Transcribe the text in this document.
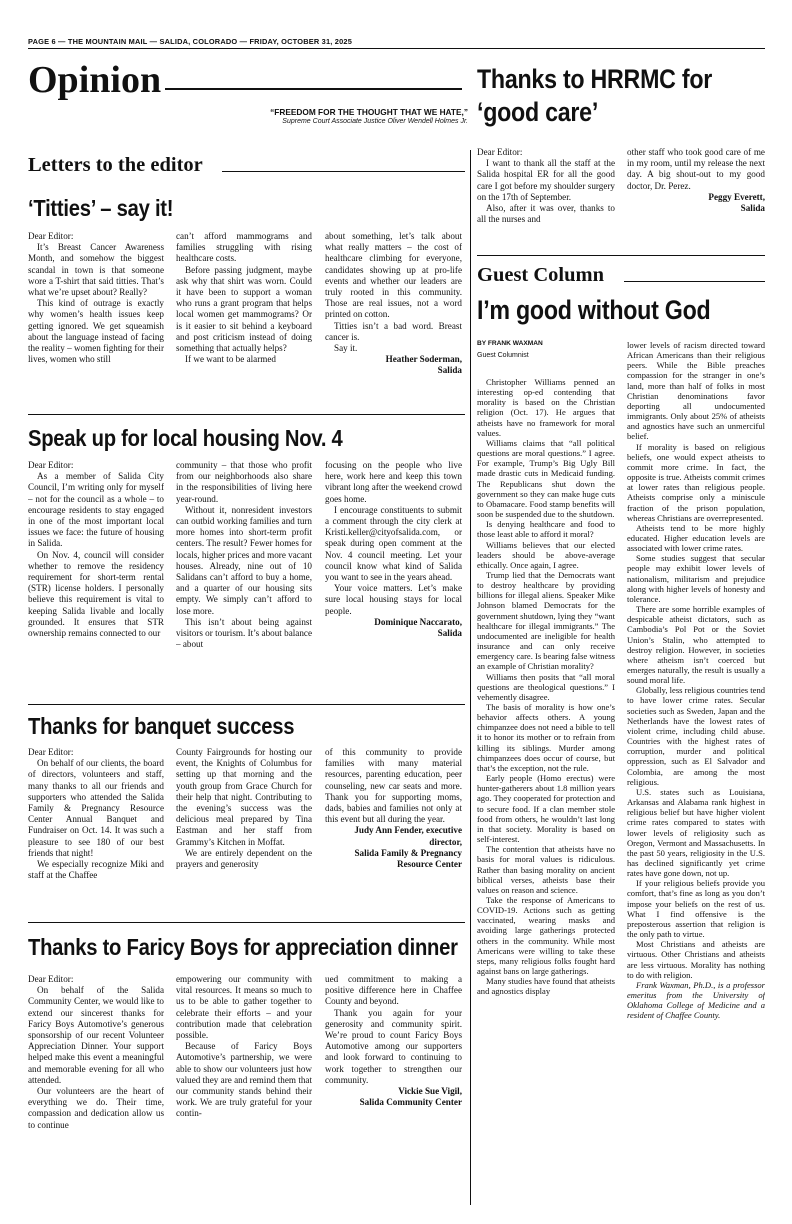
PAGE 6 — THE MOUNTAIN MAIL — SALIDA, COLORADO — FRIDAY, OCTOBER 31, 2025
Opinion
“FREEDOM FOR THE THOUGHT THAT WE HATE,”
Supreme Court Associate Justice Oliver Wendell Holmes Jr.
Letters to the editor
‘Titties’ – say it!

Dear Editor:

It’s Breast Cancer Awareness Month, and somehow the biggest scandal in town is that someone wore a T-shirt that said titties. That’s what we’re upset about? Really?

This kind of outrage is exactly why women’s health issues keep getting ignored. We get squeamish about the language instead of facing the reality – women fighting for their lives, women who still

can’t afford mammograms and families struggling with rising healthcare costs.

Before passing judgment, maybe ask why that shirt was worn. Could it have been to support a woman who runs a grant program that helps local women get mammograms? Or is it easier to sit behind a keyboard and post criticism instead of doing something that actually helps?

If we want to be alarmed

about something, let’s talk about what really matters – the cost of healthcare climbing for everyone, candidates showing up at pro-life events and whether our leaders are truly rooted in this community. Those are real issues, not a word printed on cotton.

Titties isn’t a bad word. Breast cancer is.

Say it.

Heather Soderman,

Salida

Speak up for local housing Nov. 4

Dear Editor:

As a member of Salida City Council, I’m writing only for myself – not for the council as a whole – to encourage residents to stay engaged in one of the most important local issues we face: the future of housing in Salida.

On Nov. 4, council will consider whether to remove the residency requirement for short-term rental (STR) license holders. I personally believe this requirement is vital to keeping Salida livable and locally grounded. It ensures that STR ownership remains connected to our

community – that those who profit from our neighborhoods also share in the responsibilities of living here year-round.

Without it, nonresident investors can outbid working families and turn more homes into short-term profit centers. The result? Fewer homes for locals, higher prices and more vacant houses. Already, nine out of 10 Salidans can’t afford to buy a home, and a quarter of our housing sits empty. We simply can’t afford to lose more.

This isn’t about being against visitors or tourism. It’s about balance – about

focusing on the people who live here, work here and keep this town vibrant long after the weekend crowd goes home.

I encourage constituents to submit a comment through the city clerk at Kristi.keller@cityofsalida.com, or speak during open comment at the Nov. 4 council meeting. Let your council know what kind of Salida you want to see in the years ahead.

Your voice matters. Let’s make sure local housing stays for local people.

Dominique Naccarato,

Salida

Thanks for banquet success

Dear Editor:

On behalf of our clients, the board of directors, volunteers and staff, many thanks to all our friends and supporters who attended the Salida Family & Pregnancy Resource Center Annual Banquet and Fundraiser on Oct. 14. It was such a pleasure to see 180 of our best friends that night!

We especially recognize Miki and staff at the Chaffee

County Fairgrounds for hosting our event, the Knights of Columbus for setting up that morning and the youth group from Grace Church for their help that night. Contributing to the evening’s success was the delicious meal prepared by Tina Eastman and her staff from Grammy’s Kitchen in Moffat.

We are entirely dependent on the prayers and generosity

of this community to provide families with many material resources, parenting education, peer counseling, new car seats and more. Thank you for supporting moms, dads, babies and families not only at this event but all during the year.

Judy Ann Fender, executive

director,

Salida Family & Pregnancy

Resource Center

Thanks to Faricy Boys for appreciation dinner

Dear Editor:

On behalf of the Salida Community Center, we would like to extend our sincerest thanks for Faricy Boys Automotive’s generous sponsorship of our recent Volunteer Appreciation Dinner. Your support helped make this event a meaningful and memorable evening for all who attended.

Our volunteers are the heart of everything we do. Their time, compassion and dedication allow us to continue

empowering our community with vital resources. It means so much to us to be able to gather together to celebrate their efforts – and your contribution made that celebration possible.

Because of Faricy Boys Automotive’s partnership, we were able to show our volunteers just how valued they are and remind them that our community stands behind their work. We are truly grateful for your contin-

ued commitment to making a positive difference here in Chaffee County and beyond.

Thank you again for your generosity and community spirit. We’re proud to count Faricy Boys Automotive among our supporters and look forward to continuing to work together to strengthen our community.

Vickie Sue Vigil,

Salida Community Center

Thanks to HRRMC for
‘good care’

Dear Editor:

I want to thank all the staff at the Salida hospital ER for all the good care I got before my shoulder surgery on the 17th of September.

Also, after it was over, thanks to all the nurses and

other staff who took good care of me in my room, until my release the next day. A big shout-out to my good doctor, Dr. Perez.

Peggy Everett,

Salida

Guest Column
I’m good without God
BY FRANK WAXMAN
Guest Columnist

Christopher Williams penned an interesting op-ed contending that morality is based on the Christian religion (Oct. 17). He argues that atheists have no framework for moral values.

Williams claims that “all political questions are moral questions.” I agree. For example, Trump’s Big Ugly Bill made drastic cuts in Medicaid funding. The Republicans shut down the government so they can make huge cuts to Obamacare. Food stamp benefits will soon be suspended due to the shutdown.

Is denying healthcare and food to those least able to afford it moral?

Williams believes that our elected leaders should be above-average ethically. Once again, I agree.

Trump lied that the Democrats want to destroy healthcare by providing billions for illegal aliens. Speaker Mike Johnson blamed Democrats for the government shutdown, lying they “want healthcare for illegal immigrants.” The undocumented are ineligible for health insurance and can only receive emergency care. Is bearing false witness an example of Christian morality?

Williams then posits that “all moral questions are theological questions.” I vehemently disagree.

The basis of morality is how one’s behavior affects others. A young chimpanzee does not need a bible to tell it to honor its mother or to refrain from killing its siblings. Murder among chimpanzees does occur of course, but that’s the exception, not the rule.

Early people (Homo erectus) were hunter-gatherers about 1.8 million years ago. They cooperated for protection and to secure food. If a clan member stole food from others, he wouldn’t last long in that society. Morality is based on self-interest.

The contention that atheists have no basis for moral values is ridiculous. Rather than basing morality on ancient biblical verses, atheists base their values on reason and science.

Take the response of Americans to COVID-19. Actions such as getting vaccinated, wearing masks and avoiding large gatherings protected others in the community. While most Americans were willing to take these steps, many religious folks fought hard against bans on large gatherings.

Many studies have found that atheists and agnostics display

lower levels of racism directed toward African Americans than their religious peers. While the Bible preaches compassion for the stranger in one’s land, more than half of folks in most Christian denominations favor deporting all undocumented immigrants. Only about 25% of atheists and agnostics have such an unmerciful belief.

If morality is based on religious beliefs, one would expect atheists to commit more crime. In fact, the opposite is true. Atheists commit crimes at lower rates than religious people. Atheists comprise only a miniscule fraction of the prison population, whereas Christians are overrepresented.

Atheists tend to be more highly educated. Higher education levels are associated with lower crime rates.

Some studies suggest that secular people may exhibit lower levels of nationalism, militarism and prejudice along with higher levels of honesty and tolerance.

There are some horrible examples of despicable atheist dictators, such as Cambodia’s Pol Pot or the Soviet Union’s Stalin, who attempted to destroy religion. However, in societies where atheism isn’t coerced but emerges naturally, the result is usually a sound moral life.

Globally, less religious countries tend to have lower crime rates. Secular societies such as Sweden, Japan and the Netherlands have the lowest rates of violent crime, including child abuse. Countries with the highest rates of corruption, murder and political oppression, such as El Salvador and Colombia, are among the most religious.

U.S. states such as Louisiana, Arkansas and Alabama rank highest in religious belief but have higher violent crime rates compared to states with lower levels of religiosity such as Oregon, Vermont and Massachusetts. In the past 50 years, religiosity in the U.S. has declined significantly yet crime rates have gone down, not up.

If your religious beliefs provide you comfort, that’s fine as long as you don’t impose your beliefs on the rest of us. What I find offensive is the preposterous assertion that religion is the only path to virtue.

Most Christians and atheists are virtuous. Other Christians and atheists are less virtuous. Morality has nothing to do with religion.

Frank Waxman, Ph.D., is a professor emeritus from the University of Oklahoma College of Medicine and a resident of Chaffee County.
